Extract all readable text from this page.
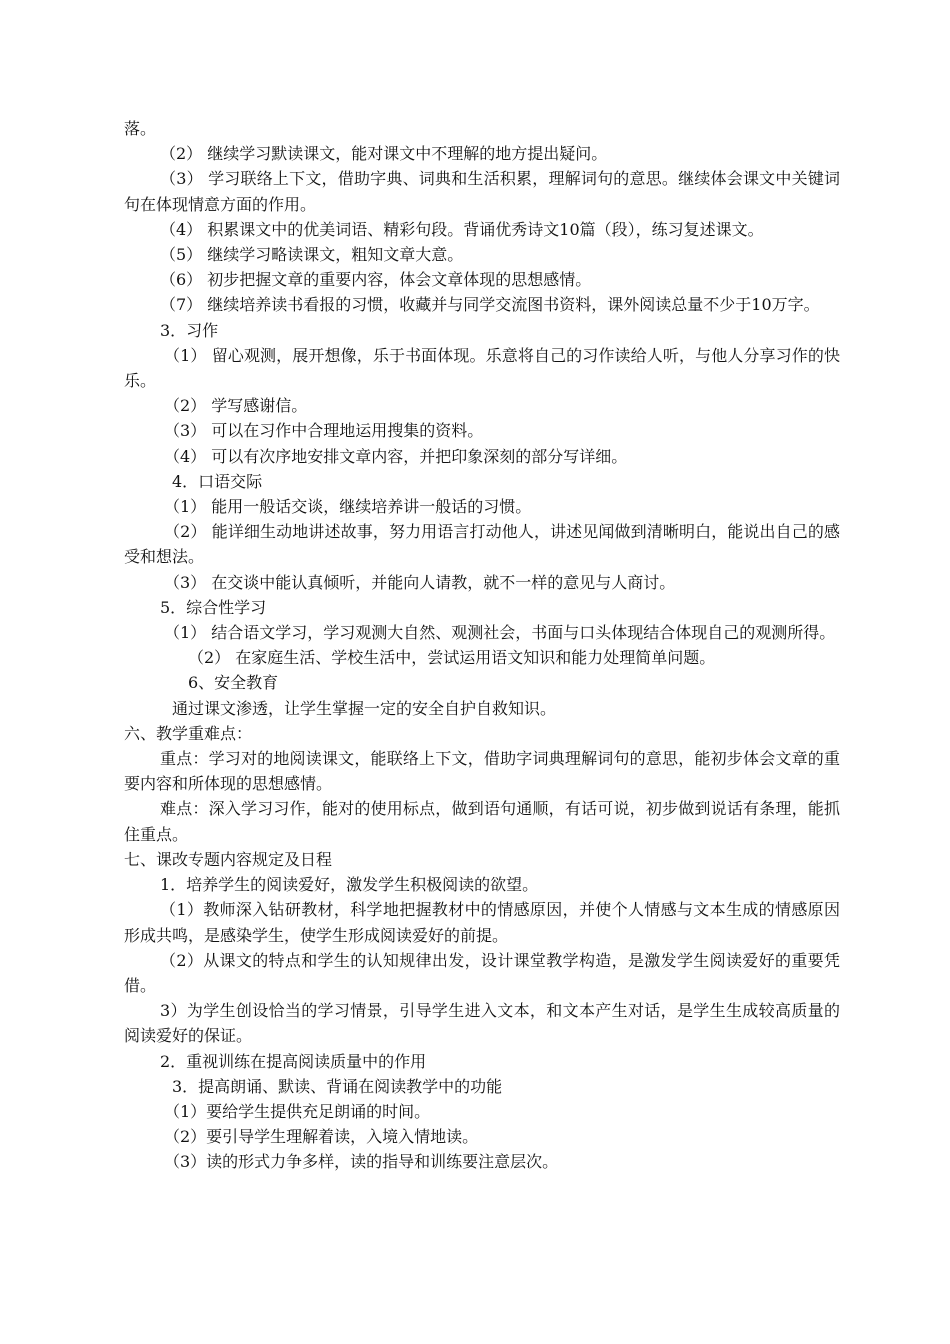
落。

（2） 继续学习默读课文，能对课文中不理解的地方提出疑问。

（3） 学习联络上下文，借助字典、词典和生活积累，理解词句的意思。继续体会课文中关键词句在体现情意方面的作用。

（4） 积累课文中的优美词语、精彩句段。背诵优秀诗文10篇（段），练习复述课文。

（5） 继续学习略读课文，粗知文章大意。

（6） 初步把握文章的重要内容，体会文章体现的思想感情。

（7） 继续培养读书看报的习惯，收藏并与同学交流图书资料，课外阅读总量不少于10万字。

3．习作

（1） 留心观测，展开想像，乐于书面体现。乐意将自己的习作读给人听，与他人分享习作的快乐。

（2） 学写感谢信。

（3） 可以在习作中合理地运用搜集的资料。

（4） 可以有次序地安排文章内容，并把印象深刻的部分写详细。

4．口语交际

（1） 能用一般话交谈，继续培养讲一般话的习惯。

（2） 能详细生动地讲述故事，努力用语言打动他人，讲述见闻做到清晰明白，能说出自己的感受和想法。

（3） 在交谈中能认真倾听，并能向人请教，就不一样的意见与人商讨。

5．综合性学习

（1） 结合语文学习，学习观测大自然、观测社会，书面与口头体现结合体现自己的观测所得。

（2） 在家庭生活、学校生活中，尝试运用语文知识和能力处理简单问题。

6、安全教育

通过课文渗透，让学生掌握一定的安全自护自救知识。

六、教学重难点：

重点：学习对的地阅读课文，能联络上下文，借助字词典理解词句的意思，能初步体会文章的重要内容和所体现的思想感情。

难点：深入学习习作，能对的使用标点，做到语句通顺，有话可说，初步做到说话有条理，能抓住重点。

七、课改专题内容规定及日程

1．培养学生的阅读爱好，激发学生积极阅读的欲望。

（1）教师深入钻研教材，科学地把握教材中的情感原因，并使个人情感与文本生成的情感原因形成共鸣，是感染学生，使学生形成阅读爱好的前提。

（2）从课文的特点和学生的认知规律出发，设计课堂教学构造，是激发学生阅读爱好的重要凭借。

3）为学生创设恰当的学习情景，引导学生进入文本，和文本产生对话，是学生生成较高质量的阅读爱好的保证。

2．重视训练在提高阅读质量中的作用

3．提高朗诵、默读、背诵在阅读教学中的功能

（1）要给学生提供充足朗诵的时间。

（2）要引导学生理解着读，入境入情地读。

（3）读的形式力争多样，读的指导和训练要注意层次。
